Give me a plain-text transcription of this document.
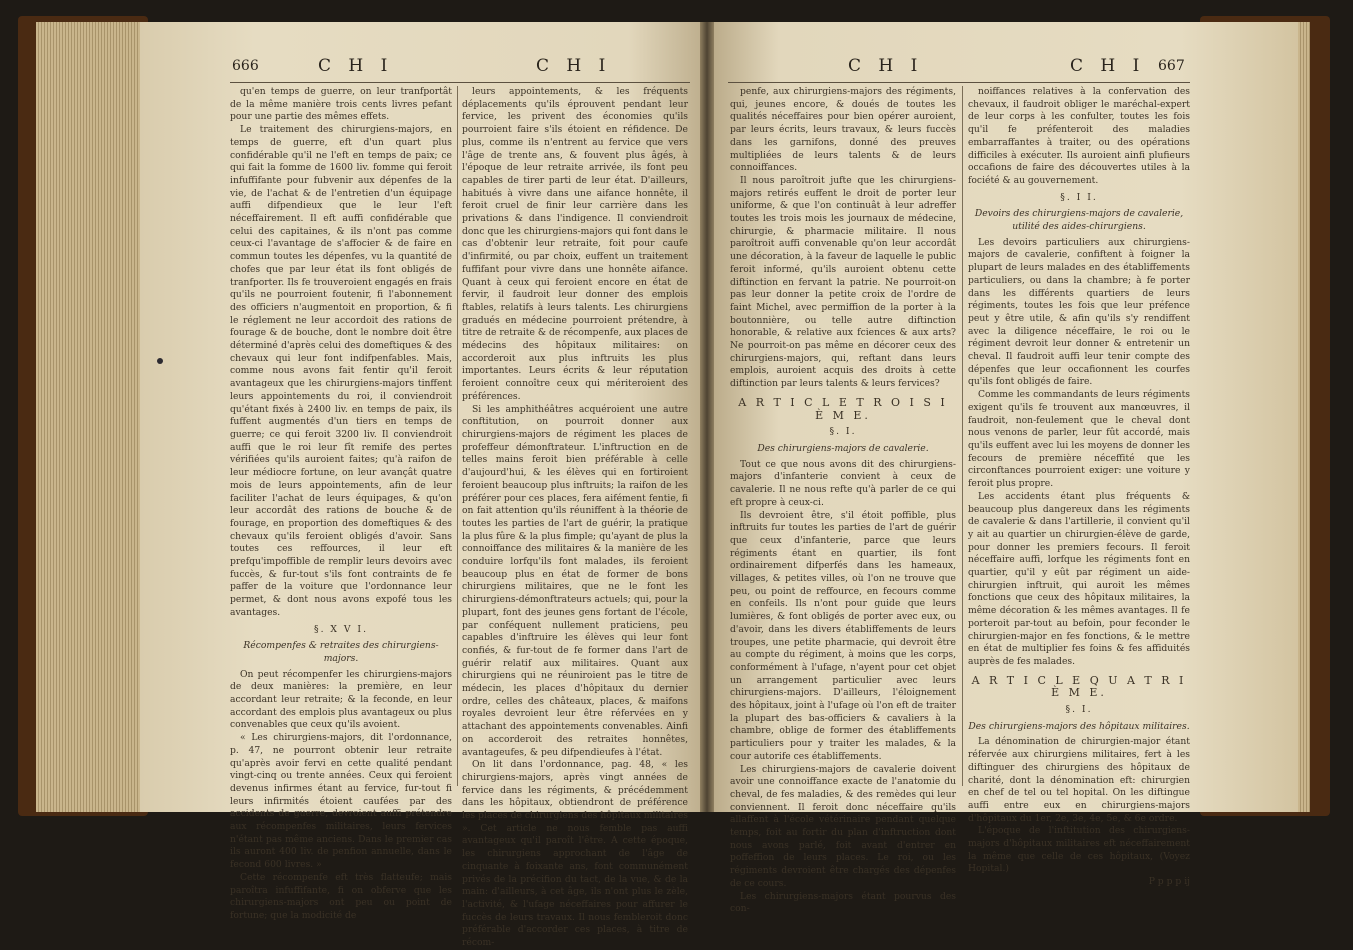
666	C H I	C H I

qu'en temps de guerre, on leur tranfportât de la même manière trois cents livres pefant pour une partie des mêmes effets.

Le traitement des chirurgiens-majors, en temps de guerre, eft d'un quart plus confidérable qu'il ne l'eft en temps de paix; ce qui fait la fomme de 1600 liv. fomme qui feroit infuffifante pour fubvenir aux dépenfes de la vie, de l'achat & de l'entretien d'un équipage auffi difpendieux que le leur l'eft néceffairement. Il eft auffi confidérable que celui des capitaines, & ils n'ont pas comme ceux-ci l'avantage de s'affocier & de faire en commun toutes les dépenfes, vu la quantité de chofes que par leur état ils font obligés de tranfporter. Ils fe trouveroient engagés en frais qu'ils ne pourroient foutenir, fi l'abonnement des officiers n'augmentoit en proportion, & fi le réglement ne leur accordoit des rations de fourage & de bouche, dont le nombre doit être déterminé d'après celui des domeftiques & des chevaux qui leur font indifpenfables. Mais, comme nous avons fait fentir qu'il feroit avantageux que les chirurgiens-majors tinffent leurs appointements du roi, il conviendroit qu'étant fixés à 2400 liv. en temps de paix, ils fuffent augmentés d'un tiers en temps de guerre; ce qui feroit 3200 liv. Il conviendroit auffi que le roi leur fît remife des pertes vérifiées qu'ils auroient faites; qu'à raifon de leur médiocre fortune, on leur avançât quatre mois de leurs appointements, afin de leur faciliter l'achat de leurs équipages, & qu'on leur accordât des rations de bouche & de fourage, en proportion des domeftiques & des chevaux qu'ils feroient obligés d'avoir. Sans toutes ces reffources, il leur eft prefqu'impoffible de remplir leurs devoirs avec fuccès, & fur-tout s'ils font contraints de fe paffer de la voiture que l'ordonnance leur permet, & dont nous avons expofé tous les avantages.

§. X V I.

Récompenfes & retraites des chirurgiens-majors.

On peut récompenfer les chirurgiens-majors de deux manières: la première, en leur accordant leur retraite; & la feconde, en leur accordant des emplois plus avantageux ou plus convenables que ceux qu'ils avoient.

« Les chirurgiens-majors, dit l'ordonnance, p. 47, ne pourront obtenir leur retraite qu'après avoir fervi en cette qualité pendant vingt-cinq ou trente années. Ceux qui feroient devenus infirmes étant au fervice, fur-tout fi leurs infirmités étoient caufées par des accidents de guerre, devroient auffi prétendre aux récompenfes militaires, leurs fervices n'étant pas même anciens. Dans le premier cas ils auront 400 liv. de penfion annuelle, dans le fecond 600 livres. »

Cette récompenfe eft très flatteufe; mais paroîtra infuffifante, fi on obferve que les chirurgiens-majors ont peu ou point de fortune; que la modicité de

leurs appointements, & les fréquents déplacements qu'ils éprouvent pendant leur fervice, les privent des économies qu'ils pourroient faire s'ils étoient en réfidence. De plus, comme ils n'entrent au fervice que vers l'âge de trente ans, & fouvent plus âgés, à l'époque de leur retraite arrivée, ils font peu capables de tirer parti de leur état. D'ailleurs, habitués à vivre dans une aifance honnête, il feroit cruel de finir leur carrière dans les privations & dans l'indigence. Il conviendroit donc que les chirurgiens-majors qui font dans le cas d'obtenir leur retraite, foit pour caufe d'infirmité, ou par choix, euffent un traitement fuffifant pour vivre dans une honnête aifance. Quant à ceux qui feroient encore en état de fervir, il faudroit leur donner des emplois ftables, relatifs à leurs talents. Les chirurgiens gradués en médecine pourroient prétendre, à titre de retraite & de récompenfe, aux places de médecins des hôpitaux militaires: on accorderoit aux plus inftruits les plus importantes. Leurs écrits & leur réputation feroient connoître ceux qui mériteroient des préférences.

Si les amphithéâtres acquéroient une autre conftitution, on pourroit donner aux chirurgiens-majors de régiment les places de profeffeur démonftrateur. L'inftruction en de telles mains feroit bien préférable à celle d'aujourd'hui, & les élèves qui en fortiroient feroient beaucoup plus inftruits; la raifon de les préférer pour ces places, fera aifément fentie, fi on fait attention qu'ils réuniffent à la théorie de toutes les parties de l'art de guérir, la pratique la plus fûre & la plus fimple; qu'ayant de plus la connoiffance des militaires & la manière de les conduire lorfqu'ils font malades, ils feroient beaucoup plus en état de former de bons chirurgiens militaires, que ne le font les chirurgiens-démonftrateurs actuels; qui, pour la plupart, font des jeunes gens fortant de l'école, par conféquent nullement praticiens, peu capables d'inftruire les élèves qui leur font confiés, & fur-tout de fe former dans l'art de guérir relatif aux militaires. Quant aux chirurgiens qui ne réuniroient pas le titre de médecin, les places d'hôpitaux du dernier ordre, celles des châteaux, places, & maifons royales devroient leur être réfervées en y attachant des appointements convenables. Ainfi on accorderoit des retraites honnêtes, avantageufes, & peu difpendieufes à l'état.

On lit dans l'ordonnance, pag. 48, « les chirurgiens-majors, après vingt années de fervice dans les régiments, & précédemment dans les hôpitaux, obtiendront de préférence les places de chirurgiens des hôpitaux militaires ». Cet article ne nous femble pas auffi avantageux qu'il paroît l'être. A cette époque, les chirurgiens approchant de l'âge de cinquante à foixante ans, font communément privés de la précifion du tact, de la vue, & de la main: d'ailleurs, à cet âge, ils n'ont plus le zèle, l'activité, & l'ufage néceffaires pour affurer le fuccès de leurs travaux. Il nous fembleroit donc préférable d'accorder ces places, à titre de récom-

C H I	C H I 667

penfe, aux chirurgiens-majors des régiments, qui, jeunes encore, & doués de toutes les qualités néceffaires pour bien opérer auroient, par leurs écrits, leurs travaux, & leurs fuccès dans les garnifons, donné des preuves multipliées de leurs talents & de leurs connoiffances.

Il nous paroîtroit jufte que les chirurgiens-majors retirés euffent le droit de porter leur uniforme, & que l'on continuât à leur adreffer toutes les trois mois les journaux de médecine, chirurgie, & pharmacie militaire. Il nous paroîtroit auffi convenable qu'on leur accordât une décoration, à la faveur de laquelle le public feroit informé, qu'ils auroient obtenu cette diftinction en fervant la patrie. Ne pourroit-on pas leur donner la petite croix de l'ordre de faint Michel, avec permiffion de la porter à la boutonnière, ou telle autre diftinction honorable, & relative aux fciences & aux arts? Ne pourroit-on pas même en décorer ceux des chirurgiens-majors, qui, reftant dans leurs emplois, auroient acquis des droits à cette diftinction par leurs talents & leurs fervices?

A R T I C L E T R O I S I È M E.

§. I.

Des chirurgiens-majors de cavalerie.

Tout ce que nous avons dit des chirurgiens-majors d'infanterie convient à ceux de cavalerie. Il ne nous refte qu'à parler de ce qui eft propre à ceux-ci.

Ils devroient être, s'il étoit poffible, plus inftruits fur toutes les parties de l'art de guérir que ceux d'infanterie, parce que leurs régiments étant en quartier, ils font ordinairement difperfés dans les hameaux, villages, & petites villes, où l'on ne trouve que peu, ou point de reffource, en fecours comme en confeils. Ils n'ont pour guide que leurs lumières, & font obligés de porter avec eux, ou d'avoir, dans les divers établiffements de leurs troupes, une petite pharmacie, qui devroit être au compte du régiment, à moins que les corps, conformément à l'ufage, n'ayent pour cet objet un arrangement particulier avec leurs chirurgiens-majors. D'ailleurs, l'éloignement des hôpitaux, joint à l'ufage où l'on eft de traiter la plupart des bas-officiers & cavaliers à la chambre, oblige de former des établiffements particuliers pour y traiter les malades, & la cour autorife ces établiffements.

Les chirurgiens-majors de cavalerie doivent avoir une connoiffance exacte de l'anatomie du cheval, de fes maladies, & des remèdes qui leur conviennent. Il feroit donc néceffaire qu'ils allaffent à l'école vétérinaire pendant quelque temps, foit au fortir du plan d'inftruction dont nous avons parlé, foit avant d'entrer en poffeffion de leurs places. Le roi, ou les régiments devroient être chargés des dépenfes de ce cours.

Les chirurgiens-majors étant pourvus des con-

noiffances relatives à la confervation des chevaux, il faudroit obliger le maréchal-expert de leur corps à les confulter, toutes les fois qu'il fe préfenteroit des maladies embarraffantes à traiter, ou des opérations difficiles à exécuter. Ils auroient ainfi plufieurs occafions de faire des découvertes utiles à la fociété & au gouvernement.

§. I I.

Devoirs des chirurgiens-majors de cavalerie, utilité des aides-chirurgiens.

Les devoirs particuliers aux chirurgiens-majors de cavalerie, confiftent à foigner la plupart de leurs malades en des établiffements particuliers, ou dans la chambre; à fe porter dans les différents quartiers de leurs régiments, toutes les fois que leur préfence peut y être utile, & afin qu'ils s'y rendiffent avec la diligence néceffaire, le roi ou le régiment devroit leur donner & entretenir un cheval. Il faudroit auffi leur tenir compte des dépenfes que leur occafionnent les courfes qu'ils font obligés de faire.

Comme les commandants de leurs régiments exigent qu'ils fe trouvent aux manœuvres, il faudroit, non-feulement que le cheval dont nous venons de parler, leur fût accordé, mais qu'ils euffent avec lui les moyens de donner les fecours de première néceffité que les circonftances pourroient exiger: une voiture y feroit plus propre.

Les accidents étant plus fréquents & beaucoup plus dangereux dans les régiments de cavalerie & dans l'artillerie, il convient qu'il y ait au quartier un chirurgien-élève de garde, pour donner les premiers fecours. Il feroit néceffaire auffi, lorfque les régiments font en quartier, qu'il y eût par régiment un aide-chirurgien inftruit, qui auroit les mêmes fonctions que ceux des hôpitaux militaires, la même décoration & les mêmes avantages. Il fe porteroit par-tout au befoin, pour feconder le chirurgien-major en fes fonctions, & le mettre en état de multiplier fes foins & fes affiduités auprès de fes malades.

A R T I C L E Q U A T R I È M E.

§. I.

Des chirurgiens-majors des hôpitaux militaires.

La dénomination de chirurgien-major étant réfervée aux chirurgiens militaires, fert à les diftinguer des chirurgiens des hôpitaux de charité, dont la dénomination eft: chirurgien en chef de tel ou tel hopital. On les diftingue auffi entre eux en chirurgiens-majors d'hôpitaux du 1er, 2e, 3e, 4e, 5e, & 6e ordre.

L'époque de l'inftitution des chirurgiens-majors d'hôpitaux militaires eft néceffairement la même que celle de ces hôpitaux, (Voyez Hopital.)

P p p p ij
